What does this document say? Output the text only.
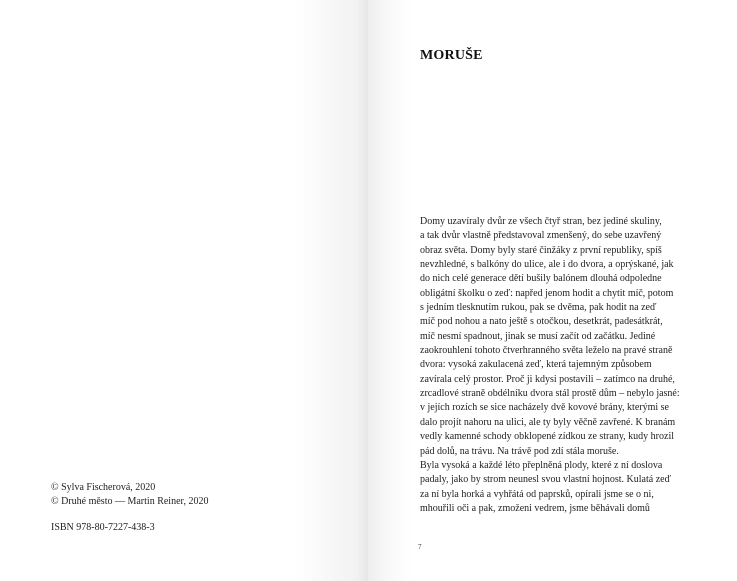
© Sylva Fischerová, 2020
© Druhé město — Martin Reiner, 2020
ISBN 978-80-7227-438-3
MORUŠE
Domy uzavíraly dvůr ze všech čtyř stran, bez jediné skuliny,
a tak dvůr vlastně představoval zmenšený, do sebe uzavřený
obraz světa. Domy byly staré činžáky z první republiky, spíš
nevzhledné, s balkóny do ulice, ale i do dvora, a oprýskané, jak
do nich celé generace dětí bušily balónem dlouhá odpoledne
obligátní školku o zeď: napřed jenom hodit a chytit míč, potom
s jedním tlesknutím rukou, pak se dvěma, pak hodit na zeď
míč pod nohou a nato ještě s otočkou, desetkrát, padesátkrát,
míč nesmí spadnout, jinak se musí začít od začátku. Jediné
zaokrouhlení tohoto čtverhranného světa leželo na pravé straně
dvora: vysoká zakulacená zeď, která tajemným způsobem
zavírala celý prostor. Proč ji kdysi postavili – zatímco na druhé,
zrcadlové straně obdélníku dvora stál prostě dům – nebylo jasné:
v jejích rozích se sice nacházely dvě kovové brány, kterými se
dalo projít nahoru na ulici, ale ty byly věčně zavřené. K branám
vedly kamenné schody obklopené zídkou ze strany, kudy hrozil
pád dolů, na trávu. Na trávě pod zdí stála moruše.
Byla vysoká a každé léto přeplněná plody, které z ní doslova
padaly, jako by strom neunesl svou vlastní hojnost. Kulatá zeď
za ní byla horká a vyhřátá od paprsků, opírali jsme se o ni,
mhouřili oči a pak, zmoženi vedrem, jsme běhávali domů
7
